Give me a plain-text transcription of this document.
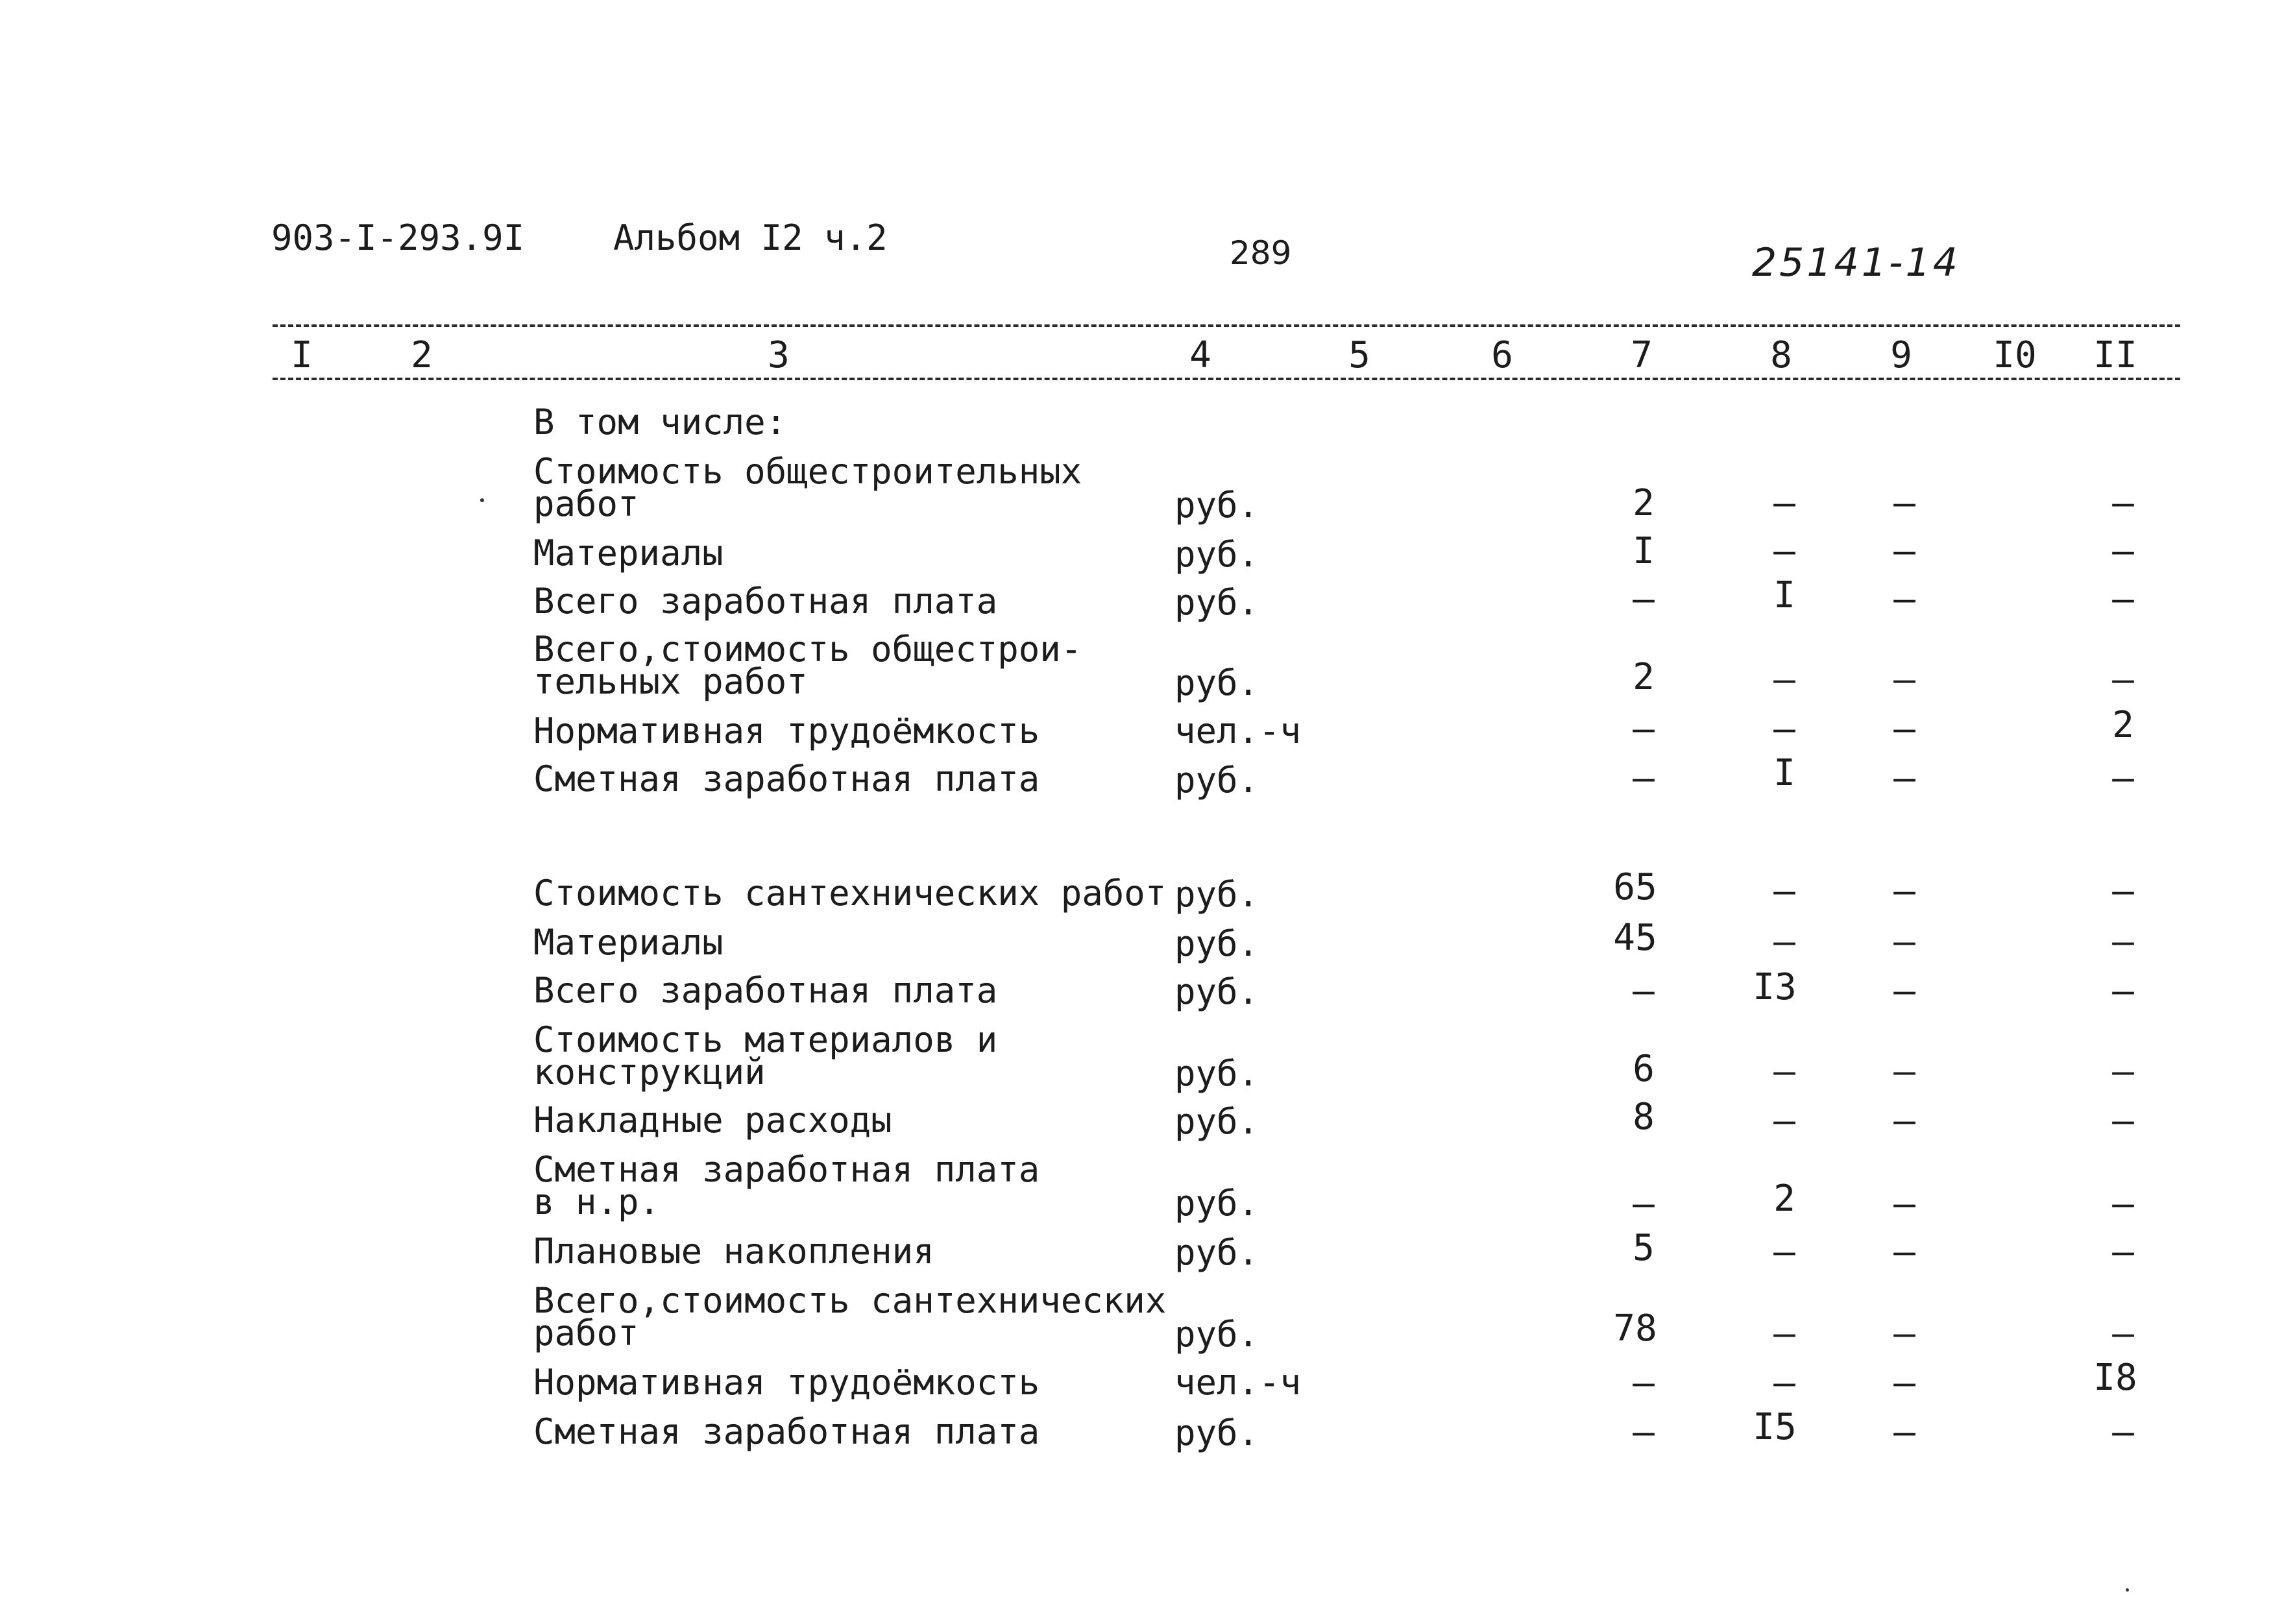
903-I-293.9I	Альбом I2 ч.2	289	25141-14
I	2	3	4	5	6	7	8	9	I0 II
В том числе:
Стоимость общестроительных
работ	руб.	2	–	–	–
Материалы	руб.	I	–	–	–
Всего заработная плата	руб.	–	I	–	–
Всего,стоимость общестрои-
тельных работ	руб.	2	–	–	–
Нормативная трудоёмкость	чел.-ч	–	–	–	2
Сметная заработная плата	руб.	–	I	–	–
Стоимость сантехнических работ руб.	65	–	–	–
Материалы	руб.	45	–	–	–
Всего заработная плата	руб.	–	I3	–	–
Стоимость материалов и
конструкций	руб.	6	–	–	–
Накладные расходы	руб.	8	–	–	–
Сметная заработная плата
в н.р.	руб.	–	2	–	–
Плановые накопления	руб.	5	–	–	–
Всего,стоимость сантехнических
работ	руб.	78	–	–	–
Нормативная трудоёмкость	чел.-ч	–	–	–	I8
Сметная заработная плата	руб.	–	I5	–	–
